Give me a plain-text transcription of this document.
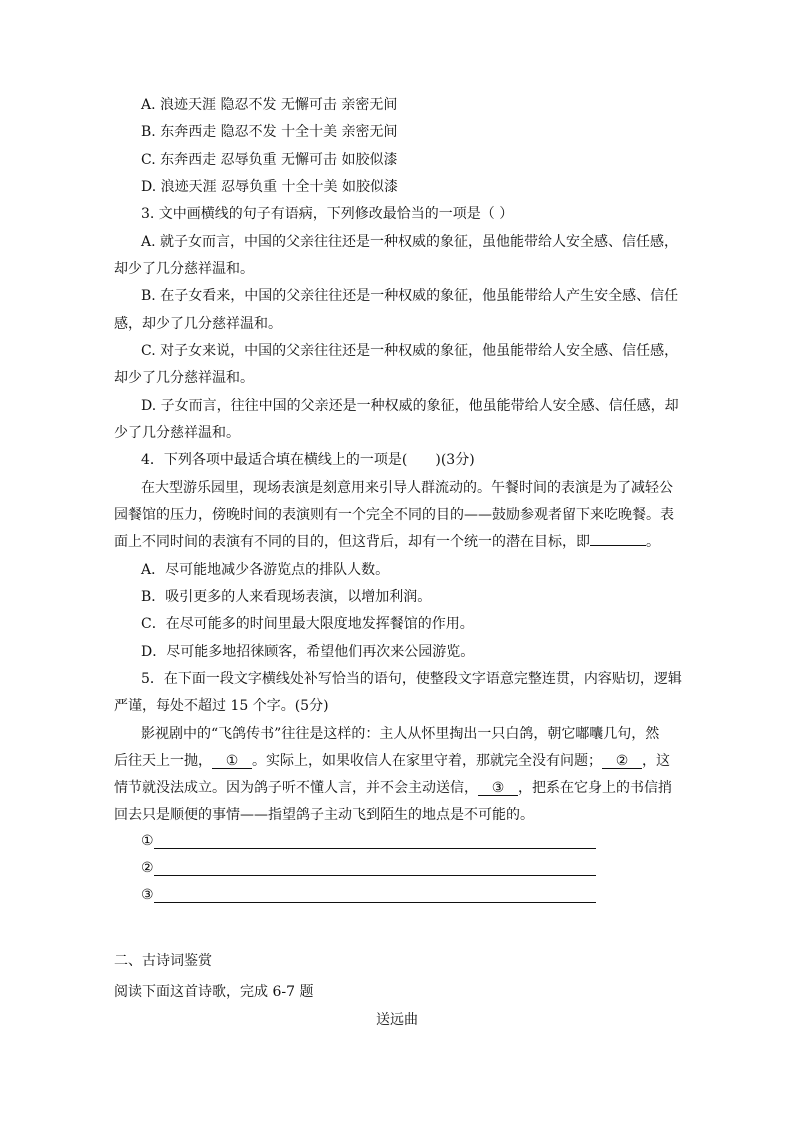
A. 浪迹天涯 隐忍不发 无懈可击 亲密无间
B. 东奔西走 隐忍不发 十全十美 亲密无间
C. 东奔西走 忍辱负重 无懈可击 如胶似漆
D. 浪迹天涯 忍辱负重 十全十美 如胶似漆
3. 文中画横线的句子有语病，下列修改最恰当的一项是（ ）
A. 就子女而言，中国的父亲往往还是一种权威的象征，虽他能带给人安全感、信任感，
却少了几分慈祥温和。
B. 在子女看来，中国的父亲往往还是一种权威的象征，他虽能带给人产生安全感、信任
感，却少了几分慈祥温和。
C. 对子女来说，中国的父亲往往还是一种权威的象征，他虽能带给人安全感、信任感，
却少了几分慈祥温和。
D. 子女而言，往往中国的父亲还是一种权威的象征，他虽能带给人安全感、信任感，却
少了几分慈祥温和。
4．下列各项中最适合填在横线上的一项是(　　)(3分)
在大型游乐园里，现场表演是刻意用来引导人群流动的。午餐时间的表演是为了减轻公
园餐馆的压力，傍晚时间的表演则有一个完全不同的目的——鼓励参观者留下来吃晚餐。表
面上不同时间的表演有不同的目的，但这背后，却有一个统一的潜在目标，即	。
A．尽可能地减少各游览点的排队人数。
B．吸引更多的人来看现场表演，以增加利润。
C．在尽可能多的时间里最大限度地发挥餐馆的作用。
D．尽可能多地招徕顾客，希望他们再次来公园游览。
5．在下面一段文字横线处补写恰当的语句，使整段文字语意完整连贯，内容贴切，逻辑
严谨，每处不超过 15 个字。(5分)
影视剧中的“飞鸽传书”往往是这样的：主人从怀里掏出一只白鸽，朝它嘟囔几句，然
后往天上一抛， ① 。实际上，如果收信人在家里守着，那就完全没有问题； ② ，这
情节就没法成立。因为鸽子听不懂人言，并不会主动送信， ③ ，把系在它身上的书信捎
回去只是顺便的事情——指望鸽子主动飞到陌生的地点是不可能的。
①
②
③
二、古诗词鉴赏
阅读下面这首诗歌，完成 6-7 题
送远曲
